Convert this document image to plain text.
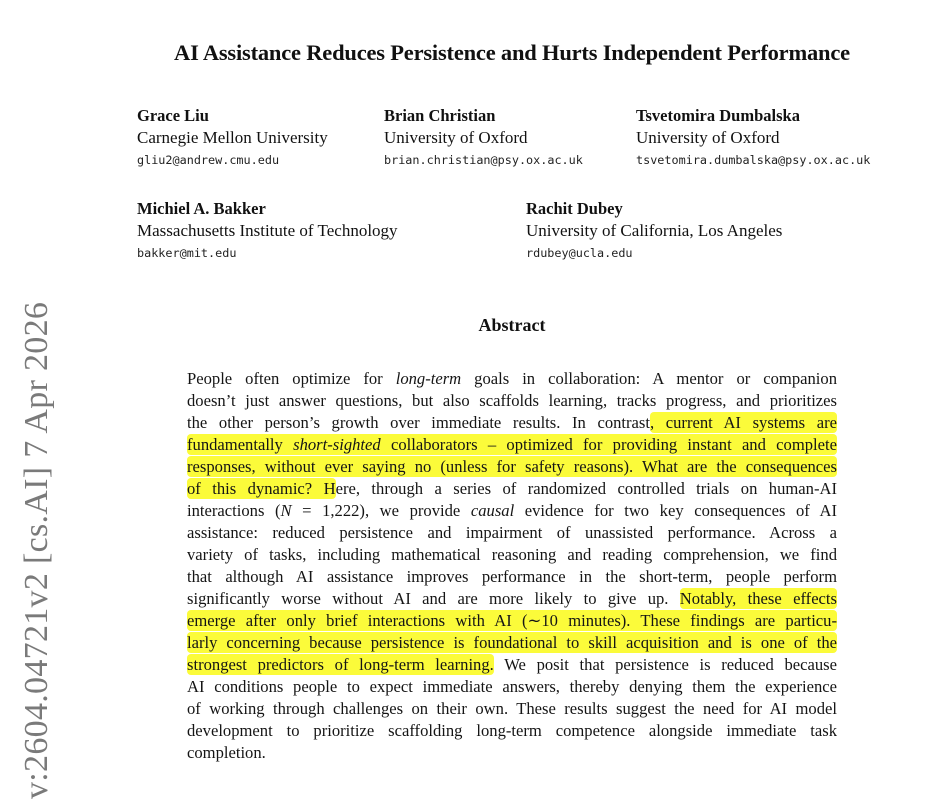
v:2604.04721v2 [cs.AI] 7 Apr 2026
AI Assistance Reduces Persistence and Hurts Independent Performance
Grace Liu
Carnegie Mellon University
gliu2@andrew.cmu.edu
Brian Christian
University of Oxford
brian.christian@psy.ox.ac.uk
Tsvetomira Dumbalska
University of Oxford
tsvetomira.dumbalska@psy.ox.ac.uk
Michiel A. Bakker
Massachusetts Institute of Technology
bakker@mit.edu
Rachit Dubey
University of California, Los Angeles
rdubey@ucla.edu
Abstract
People often optimize for long-term goals in collaboration: A mentor or companion
doesn’t just answer questions, but also scaffolds learning, tracks progress, and prioritizes
the other person’s growth over immediate results. In contrast, current AI systems are
fundamentally short-sighted collaborators – optimized for providing instant and complete
responses, without ever saying no (unless for safety reasons). What are the consequences
of this dynamic? Here, through a series of randomized controlled trials on human-AI
interactions (N = 1,222), we provide causal evidence for two key consequences of AI
assistance: reduced persistence and impairment of unassisted performance. Across a
variety of tasks, including mathematical reasoning and reading comprehension, we find
that although AI assistance improves performance in the short-term, people perform
significantly worse without AI and are more likely to give up. Notably, these effects
emerge after only brief interactions with AI (∼10 minutes). These findings are particu-
larly concerning because persistence is foundational to skill acquisition and is one of the
strongest predictors of long-term learning. We posit that persistence is reduced because
AI conditions people to expect immediate answers, thereby denying them the experience
of working through challenges on their own. These results suggest the need for AI model
development to prioritize scaffolding long-term competence alongside immediate task
completion.
